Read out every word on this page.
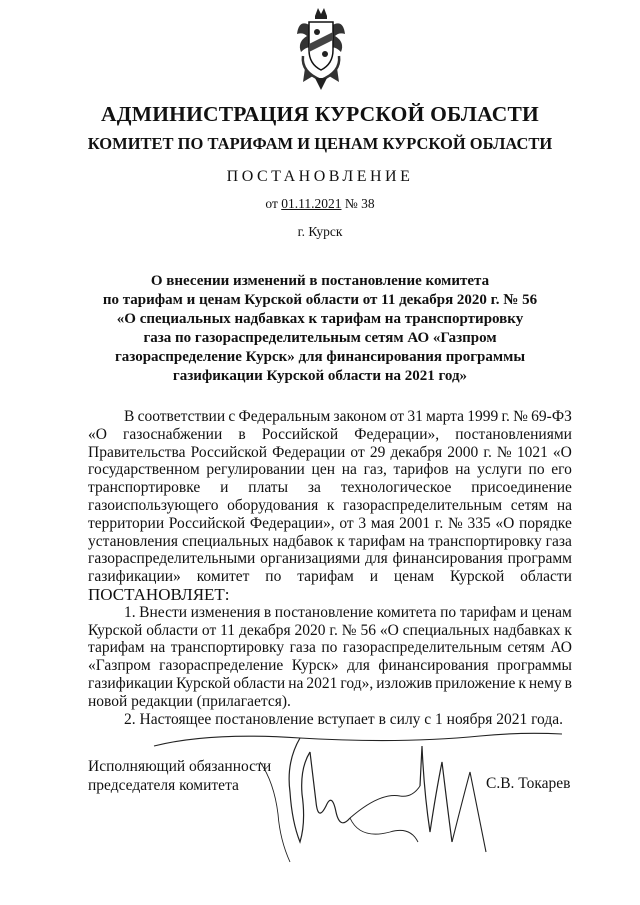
АДМИНИСТРАЦИЯ КУРСКОЙ ОБЛАСТИ
КОМИТЕТ ПО ТАРИФАМ И ЦЕНАМ КУРСКОЙ ОБЛАСТИ
ПОСТАНОВЛЕНИЕ
от 01.11.2021 № 38
г. Курск
О внесении изменений в постановление комитета
по тарифам и ценам Курской области от 11 декабря 2020 г. № 56
«О специальных надбавках к тарифам на транспортировку
газа по газораспределительным сетям АО «Газпром
газораспределение Курск» для финансирования программы
газификации Курской области на 2021 год»
В соответствии с Федеральным законом от 31 марта 1999 г. № 69-ФЗ
«О газоснабжении в Российской Федерации», постановлениями
Правительства Российской Федерации от 29 декабря 2000 г. № 1021 «О
государственном регулировании цен на газ, тарифов на услуги по его
транспортировке и платы за технологическое присоединение
газоиспользующего оборудования к газораспределительным сетям на
территории Российской Федерации», от 3 мая 2001 г. № 335 «О порядке
установления специальных надбавок к тарифам на транспортировку газа
газораспределительными организациями для финансирования программ
газификации» комитет по тарифам и ценам Курской области
ПОСТАНОВЛЯЕТ:
1. Внести изменения в постановление комитета по тарифам и ценам
Курской области от 11 декабря 2020 г. № 56 «О специальных надбавках к
тарифам на транспортировку газа по газораспределительным сетям АО
«Газпром газораспределение Курск» для финансирования программы
газификации Курской области на 2021 год», изложив приложение к нему в
новой редакции (прилагается).
2. Настоящее постановление вступает в силу с 1 ноября 2021 года.
Исполняющий обязанности
председателя комитета	С.В. Токарев
